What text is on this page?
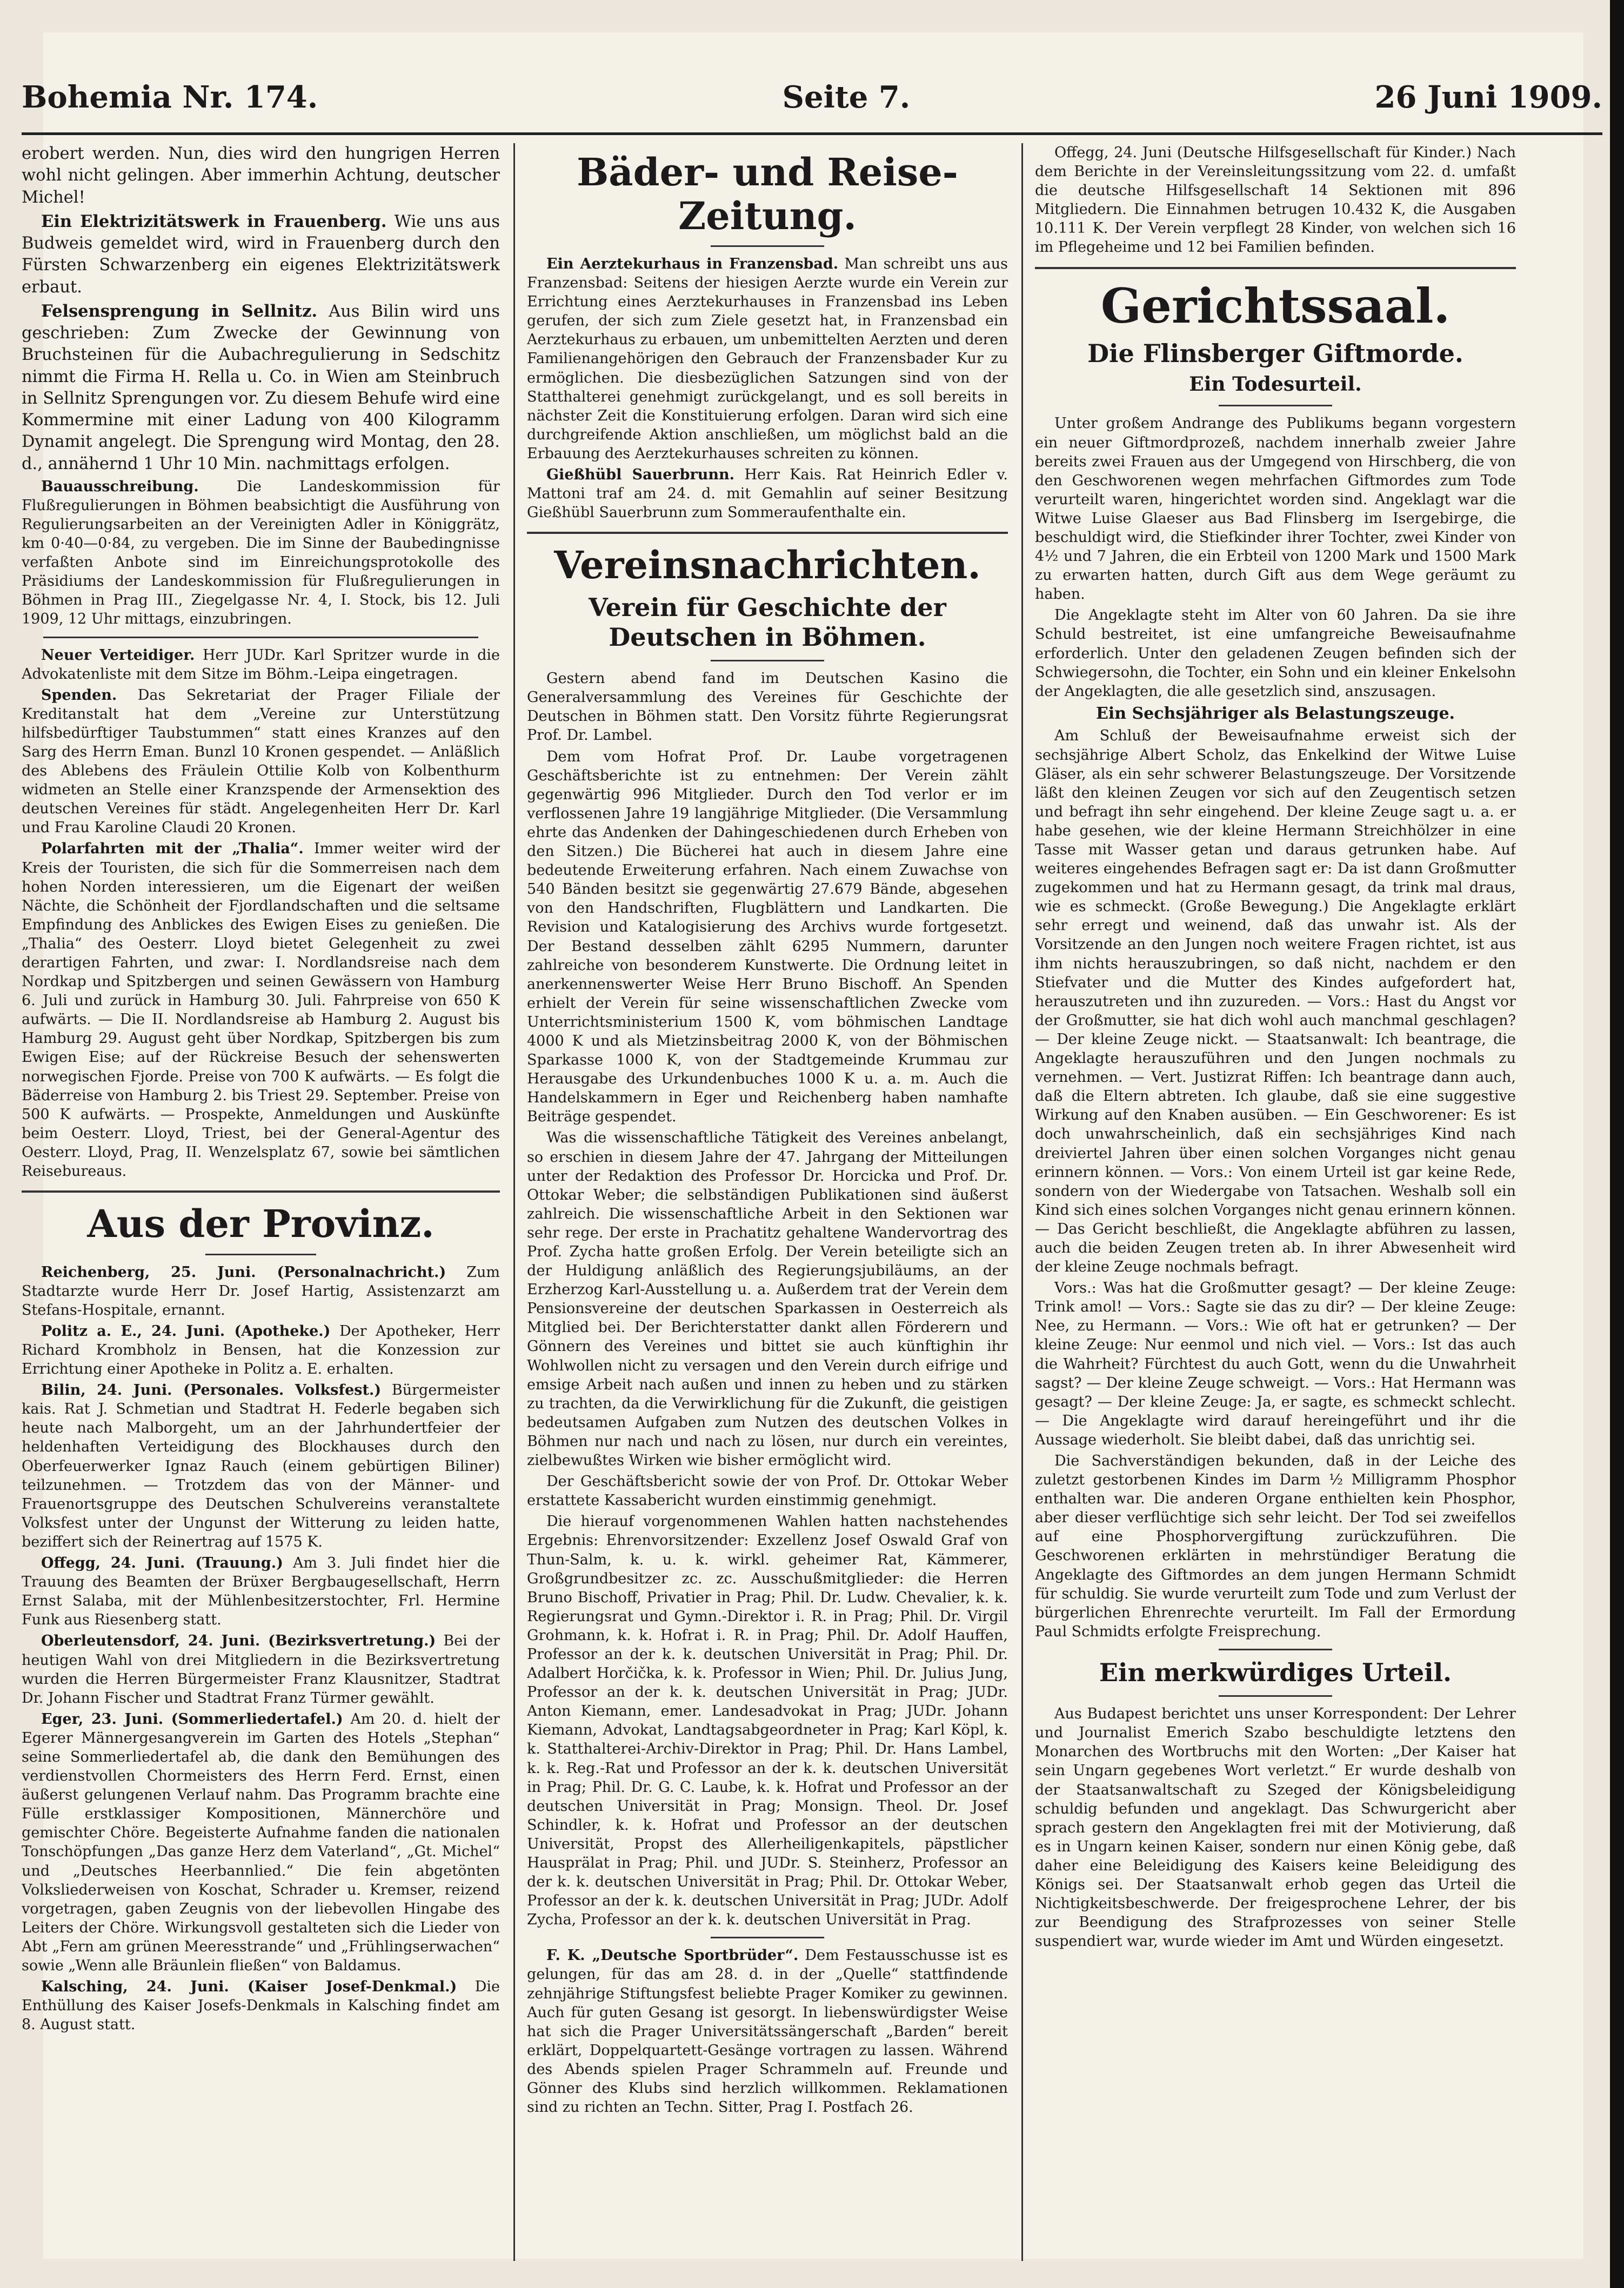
Bohemia Nr. 174.	Seite 7.	26 Juni 1909.

erobert werden. Nun, dies wird den hungrigen Herren wohl nicht gelingen. Aber immerhin Achtung, deutscher Michel!

Ein Elektrizitätswerk in Frauenberg. Wie uns aus Budweis gemeldet wird, wird in Frauenberg durch den Fürsten Schwarzenberg ein eigenes Elektrizitätswerk erbaut.

Felsensprengung in Sellnitz. Aus Bilin wird uns geschrieben: Zum Zwecke der Gewinnung von Bruchsteinen für die Aubachregulierung in Sedschitz nimmt die Firma H. Rella u. Co. in Wien am Steinbruch in Sellnitz Sprengungen vor. Zu diesem Behufe wird eine Kommermine mit einer Ladung von 400 Kilogramm Dynamit angelegt. Die Sprengung wird Montag, den 28. d., annähernd 1 Uhr 10 Min. nachmittags erfolgen.

Bauausschreibung. Die Landeskommission für Flußregulierungen in Böhmen beabsichtigt die Ausführung von Regulierungsarbeiten an der Vereinigten Adler in Königgrätz, km 0·40—0·84, zu vergeben. Die im Sinne der Baubedingnisse verfaßten Anbote sind im Einreichungsprotokolle des Präsidiums der Landeskommission für Flußregulierungen in Böhmen in Prag III., Ziegelgasse Nr. 4, I. Stock, bis 12. Juli 1909, 12 Uhr mittags, einzubringen.

Neuer Verteidiger. Herr JUDr. Karl Spritzer wurde in die Advokatenliste mit dem Sitze im Böhm.-Leipa eingetragen.

Spenden. Das Sekretariat der Prager Filiale der Kreditanstalt hat dem „Vereine zur Unterstützung hilfsbedürftiger Taubstummen“ statt eines Kranzes auf den Sarg des Herrn Eman. Bunzl 10 Kronen gespendet. — Anläßlich des Ablebens des Fräulein Ottilie Kolb von Kolbenthurm widmeten an Stelle einer Kranzspende der Armensektion des deutschen Vereines für städt. Angelegenheiten Herr Dr. Karl und Frau Karoline Claudi 20 Kronen.

Polarfahrten mit der „Thalia“. Immer weiter wird der Kreis der Touristen, die sich für die Sommerreisen nach dem hohen Norden interessieren, um die Eigenart der weißen Nächte, die Schönheit der Fjordlandschaften und die seltsame Empfindung des Anblickes des Ewigen Eises zu genießen. Die „Thalia“ des Oesterr. Lloyd bietet Gelegenheit zu zwei derartigen Fahrten, und zwar: I. Nordlandsreise nach dem Nordkap und Spitzbergen und seinen Gewässern von Hamburg 6. Juli und zurück in Hamburg 30. Juli. Fahrpreise von 650 K aufwärts. — Die II. Nordlandsreise ab Hamburg 2. August bis Hamburg 29. August geht über Nordkap, Spitzbergen bis zum Ewigen Eise; auf der Rückreise Besuch der sehenswerten norwegischen Fjorde. Preise von 700 K aufwärts. — Es folgt die Bäderreise von Hamburg 2. bis Triest 29. September. Preise von 500 K aufwärts. — Prospekte, Anmeldungen und Auskünfte beim Oesterr. Lloyd, Triest, bei der General-Agentur des Oesterr. Lloyd, Prag, II. Wenzelsplatz 67, sowie bei sämtlichen Reisebureaus.

Aus der Provinz.

Reichenberg, 25. Juni. (Personalnachricht.) Zum Stadtarzte wurde Herr Dr. Josef Hartig, Assistenzarzt am Stefans-Hospitale, ernannt.

Politz a. E., 24. Juni. (Apotheke.) Der Apotheker, Herr Richard Krombholz in Bensen, hat die Konzession zur Errichtung einer Apotheke in Politz a. E. erhalten.

Bilin, 24. Juni. (Personales. Volksfest.) Bürgermeister kais. Rat J. Schmetian und Stadtrat H. Federle begaben sich heute nach Malborgeht, um an der Jahrhundertfeier der heldenhaften Verteidigung des Blockhauses durch den Oberfeuerwerker Ignaz Rauch (einem gebürtigen Biliner) teilzunehmen. — Trotzdem das von der Männer- und Frauenortsgruppe des Deutschen Schulvereins veranstaltete Volksfest unter der Ungunst der Witterung zu leiden hatte, beziffert sich der Reinertrag auf 1575 K.

Offegg, 24. Juni. (Trauung.) Am 3. Juli findet hier die Trauung des Beamten der Brüxer Bergbaugesellschaft, Herrn Ernst Salaba, mit der Mühlenbesitzerstochter, Frl. Hermine Funk aus Riesenberg statt.

Oberleutensdorf, 24. Juni. (Bezirksvertretung.) Bei der heutigen Wahl von drei Mitgliedern in die Bezirksvertretung wurden die Herren Bürgermeister Franz Klausnitzer, Stadtrat Dr. Johann Fischer und Stadtrat Franz Türmer gewählt.

Eger, 23. Juni. (Sommerliedertafel.) Am 20. d. hielt der Egerer Männergesangverein im Garten des Hotels „Stephan“ seine Sommerliedertafel ab, die dank den Bemühungen des verdienstvollen Chormeisters des Herrn Ferd. Ernst, einen äußerst gelungenen Verlauf nahm. Das Programm brachte eine Fülle erstklassiger Kompositionen, Männerchöre und gemischter Chöre. Begeisterte Aufnahme fanden die nationalen Tonschöpfungen „Das ganze Herz dem Vaterland“, „Gt. Michel“ und „Deutsches Heerbannlied.“ Die fein abgetönten Volksliederweisen von Koschat, Schrader u. Kremser, reizend vorgetragen, gaben Zeugnis von der liebevollen Hingabe des Leiters der Chöre. Wirkungsvoll gestalteten sich die Lieder von Abt „Fern am grünen Meeresstrande“ und „Frühlingserwachen“ sowie „Wenn alle Bräunlein fließen“ von Baldamus.

Kalsching, 24. Juni. (Kaiser Josef-Denkmal.) Die Enthüllung des Kaiser Josefs-Denkmals in Kalsching findet am 8. August statt.

Bäder- und Reise-Zeitung.

Ein Aerztekurhaus in Franzensbad. Man schreibt uns aus Franzensbad: Seitens der hiesigen Aerzte wurde ein Verein zur Errichtung eines Aerztekurhauses in Franzensbad ins Leben gerufen, der sich zum Ziele gesetzt hat, in Franzensbad ein Aerztekurhaus zu erbauen, um unbemittelten Aerzten und deren Familienangehörigen den Gebrauch der Franzensbader Kur zu ermöglichen. Die diesbezüglichen Satzungen sind von der Statthalterei genehmigt zurückgelangt, und es soll bereits in nächster Zeit die Konstituierung erfolgen. Daran wird sich eine durchgreifende Aktion anschließen, um möglichst bald an die Erbauung des Aerztekurhauses schreiten zu können.

Gießhübl Sauerbrunn. Herr Kais. Rat Heinrich Edler v. Mattoni traf am 24. d. mit Gemahlin auf seiner Besitzung Gießhübl Sauerbrunn zum Sommeraufenthalte ein.

Vereinsnachrichten.
Verein für Geschichte der Deutschen in Böhmen.

Gestern abend fand im Deutschen Kasino die Generalversammlung des Vereines für Geschichte der Deutschen in Böhmen statt. Den Vorsitz führte Regierungsrat Prof. Dr. Lambel.

Dem vom Hofrat Prof. Dr. Laube vorgetragenen Geschäftsberichte ist zu entnehmen: Der Verein zählt gegenwärtig 996 Mitglieder. Durch den Tod verlor er im verflossenen Jahre 19 langjährige Mitglieder. (Die Versammlung ehrte das Andenken der Dahingeschiedenen durch Erheben von den Sitzen.) Die Bücherei hat auch in diesem Jahre eine bedeutende Erweiterung erfahren. Nach einem Zuwachse von 540 Bänden besitzt sie gegenwärtig 27.679 Bände, abgesehen von den Handschriften, Flugblättern und Landkarten. Die Revision und Katalogisierung des Archivs wurde fortgesetzt. Der Bestand desselben zählt 6295 Nummern, darunter zahlreiche von besonderem Kunstwerte. Die Ordnung leitet in anerkennenswerter Weise Herr Bruno Bischoff. An Spenden erhielt der Verein für seine wissenschaftlichen Zwecke vom Unterrichtsministerium 1500 K, vom böhmischen Landtage 4000 K und als Mietzinsbeitrag 2000 K, von der Böhmischen Sparkasse 1000 K, von der Stadtgemeinde Krummau zur Herausgabe des Urkundenbuches 1000 K u. a. m. Auch die Handelskammern in Eger und Reichenberg haben namhafte Beiträge gespendet.

Was die wissenschaftliche Tätigkeit des Vereines anbelangt, so erschien in diesem Jahre der 47. Jahrgang der Mitteilungen unter der Redaktion des Professor Dr. Horcicka und Prof. Dr. Ottokar Weber; die selbständigen Publikationen sind äußerst zahlreich. Die wissenschaftliche Arbeit in den Sektionen war sehr rege. Der erste in Prachatitz gehaltene Wandervortrag des Prof. Zycha hatte großen Erfolg. Der Verein beteiligte sich an der Huldigung anläßlich des Regierungsjubiläums, an der Erzherzog Karl-Ausstellung u. a. Außerdem trat der Verein dem Pensionsvereine der deutschen Sparkassen in Oesterreich als Mitglied bei. Der Berichterstatter dankt allen Förderern und Gönnern des Vereines und bittet sie auch künftighin ihr Wohlwollen nicht zu versagen und den Verein durch eifrige und emsige Arbeit nach außen und innen zu heben und zu stärken zu trachten, da die Verwirklichung für die Zukunft, die geistigen bedeutsamen Aufgaben zum Nutzen des deutschen Volkes in Böhmen nur nach und nach zu lösen, nur durch ein vereintes, zielbewußtes Wirken wie bisher ermöglicht wird.

Der Geschäftsbericht sowie der von Prof. Dr. Ottokar Weber erstattete Kassabericht wurden einstimmig genehmigt.

Die hierauf vorgenommenen Wahlen hatten nachstehendes Ergebnis: Ehrenvorsitzender: Exzellenz Josef Oswald Graf von Thun-Salm, k. u. k. wirkl. geheimer Rat, Kämmerer, Großgrundbesitzer zc. zc. Ausschußmitglieder: die Herren Bruno Bischoff, Privatier in Prag; Phil. Dr. Ludw. Chevalier, k. k. Regierungsrat und Gymn.-Direktor i. R. in Prag; Phil. Dr. Virgil Grohmann, k. k. Hofrat i. R. in Prag; Phil. Dr. Adolf Hauffen, Professor an der k. k. deutschen Universität in Prag; Phil. Dr. Adalbert Horčička, k. k. Professor in Wien; Phil. Dr. Julius Jung, Professor an der k. k. deutschen Universität in Prag; JUDr. Anton Kiemann, emer. Landesadvokat in Prag; JUDr. Johann Kiemann, Advokat, Landtagsabgeordneter in Prag; Karl Köpl, k. k. Statthalterei-Archiv-Direktor in Prag; Phil. Dr. Hans Lambel, k. k. Reg.-Rat und Professor an der k. k. deutschen Universität in Prag; Phil. Dr. G. C. Laube, k. k. Hofrat und Professor an der deutschen Universität in Prag; Monsign. Theol. Dr. Josef Schindler, k. k. Hofrat und Professor an der deutschen Universität, Propst des Allerheiligenkapitels, päpstlicher Hausprälat in Prag; Phil. und JUDr. S. Steinherz, Professor an der k. k. deutschen Universität in Prag; Phil. Dr. Ottokar Weber, Professor an der k. k. deutschen Universität in Prag; JUDr. Adolf Zycha, Professor an der k. k. deutschen Universität in Prag.

F. K. „Deutsche Sportbrüder“. Dem Festausschusse ist es gelungen, für das am 28. d. in der „Quelle“ stattfindende zehnjährige Stiftungsfest beliebte Prager Komiker zu gewinnen. Auch für guten Gesang ist gesorgt. In liebenswürdigster Weise hat sich die Prager Universitätssängerschaft „Barden“ bereit erklärt, Doppelquartett-Gesänge vortragen zu lassen. Während des Abends spielen Prager Schrammeln auf. Freunde und Gönner des Klubs sind herzlich willkommen. Reklamationen sind zu richten an Techn. Sitter, Prag I. Postfach 26.

Offegg, 24. Juni (Deutsche Hilfsgesellschaft für Kinder.) Nach dem Berichte in der Vereinsleitungssitzung vom 22. d. umfaßt die deutsche Hilfsgesellschaft 14 Sektionen mit 896 Mitgliedern. Die Einnahmen betrugen 10.432 K, die Ausgaben 10.111 K. Der Verein verpflegt 28 Kinder, von welchen sich 16 im Pflegeheime und 12 bei Familien befinden.

Gerichtssaal.
Die Flinsberger Giftmorde.
Ein Todesurteil.

Unter großem Andrange des Publikums begann vorgestern ein neuer Giftmordprozeß, nachdem innerhalb zweier Jahre bereits zwei Frauen aus der Umgegend von Hirschberg, die von den Geschworenen wegen mehrfachen Giftmordes zum Tode verurteilt waren, hingerichtet worden sind. Angeklagt war die Witwe Luise Glaeser aus Bad Flinsberg im Isergebirge, die beschuldigt wird, die Stiefkinder ihrer Tochter, zwei Kinder von 4½ und 7 Jahren, die ein Erbteil von 1200 Mark und 1500 Mark zu erwarten hatten, durch Gift aus dem Wege geräumt zu haben.

Die Angeklagte steht im Alter von 60 Jahren. Da sie ihre Schuld bestreitet, ist eine umfangreiche Beweisaufnahme erforderlich. Unter den geladenen Zeugen befinden sich der Schwiegersohn, die Tochter, ein Sohn und ein kleiner Enkelsohn der Angeklagten, die alle gesetzlich sind, anszusagen.

Ein Sechsjähriger als Belastungszeuge.

Am Schluß der Beweisaufnahme erweist sich der sechsjährige Albert Scholz, das Enkelkind der Witwe Luise Gläser, als ein sehr schwerer Belastungszeuge. Der Vorsitzende läßt den kleinen Zeugen vor sich auf den Zeugentisch setzen und befragt ihn sehr eingehend. Der kleine Zeuge sagt u. a. er habe gesehen, wie der kleine Hermann Streichhölzer in eine Tasse mit Wasser getan und daraus getrunken habe. Auf weiteres eingehendes Befragen sagt er: Da ist dann Großmutter zugekommen und hat zu Hermann gesagt, da trink mal draus, wie es schmeckt. (Große Bewegung.) Die Angeklagte erklärt sehr erregt und weinend, daß das unwahr ist. Als der Vorsitzende an den Jungen noch weitere Fragen richtet, ist aus ihm nichts herauszubringen, so daß nicht, nachdem er den Stiefvater und die Mutter des Kindes aufgefordert hat, herauszutreten und ihn zuzureden. — Vors.: Hast du Angst vor der Großmutter, sie hat dich wohl auch manchmal geschlagen? — Der kleine Zeuge nickt. — Staatsanwalt: Ich beantrage, die Angeklagte herauszuführen und den Jungen nochmals zu vernehmen. — Vert. Justizrat Riffen: Ich beantrage dann auch, daß die Eltern abtreten. Ich glaube, daß sie eine suggestive Wirkung auf den Knaben ausüben. — Ein Geschworener: Es ist doch unwahrscheinlich, daß ein sechsjähriges Kind nach dreiviertel Jahren über einen solchen Vorganges nicht genau erinnern können. — Vors.: Von einem Urteil ist gar keine Rede, sondern von der Wiedergabe von Tatsachen. Weshalb soll ein Kind sich eines solchen Vorganges nicht genau erinnern können. — Das Gericht beschließt, die Angeklagte abführen zu lassen, auch die beiden Zeugen treten ab. In ihrer Abwesenheit wird der kleine Zeuge nochmals befragt.

Vors.: Was hat die Großmutter gesagt? — Der kleine Zeuge: Trink amol! — Vors.: Sagte sie das zu dir? — Der kleine Zeuge: Nee, zu Hermann. — Vors.: Wie oft hat er getrunken? — Der kleine Zeuge: Nur eenmol und nich viel. — Vors.: Ist das auch die Wahrheit? Fürchtest du auch Gott, wenn du die Unwahrheit sagst? — Der kleine Zeuge schweigt. — Vors.: Hat Hermann was gesagt? — Der kleine Zeuge: Ja, er sagte, es schmeckt schlecht. — Die Angeklagte wird darauf hereingeführt und ihr die Aussage wiederholt. Sie bleibt dabei, daß das unrichtig sei.

Die Sachverständigen bekunden, daß in der Leiche des zuletzt gestorbenen Kindes im Darm ½ Milligramm Phosphor enthalten war. Die anderen Organe enthielten kein Phosphor, aber dieser verflüchtige sich sehr leicht. Der Tod sei zweifellos auf eine Phosphorvergiftung zurückzuführen. Die Geschworenen erklärten in mehrstündiger Beratung die Angeklagte des Giftmordes an dem jungen Hermann Schmidt für schuldig. Sie wurde verurteilt zum Tode und zum Verlust der bürgerlichen Ehrenrechte verurteilt. Im Fall der Ermordung Paul Schmidts erfolgte Freisprechung.

Ein merkwürdiges Urteil.

Aus Budapest berichtet uns unser Korrespondent: Der Lehrer und Journalist Emerich Szabo beschuldigte letztens den Monarchen des Wortbruchs mit den Worten: „Der Kaiser hat sein Ungarn gegebenes Wort verletzt.“ Er wurde deshalb von der Staatsanwaltschaft zu Szeged der Königsbeleidigung schuldig befunden und angeklagt. Das Schwurgericht aber sprach gestern den Angeklagten frei mit der Motivierung, daß es in Ungarn keinen Kaiser, sondern nur einen König gebe, daß daher eine Beleidigung des Kaisers keine Beleidigung des Königs sei. Der Staatsanwalt erhob gegen das Urteil die Nichtigkeitsbeschwerde. Der freigesprochene Lehrer, der bis zur Beendigung des Strafprozesses von seiner Stelle suspendiert war, wurde wieder im Amt und Würden eingesetzt.
